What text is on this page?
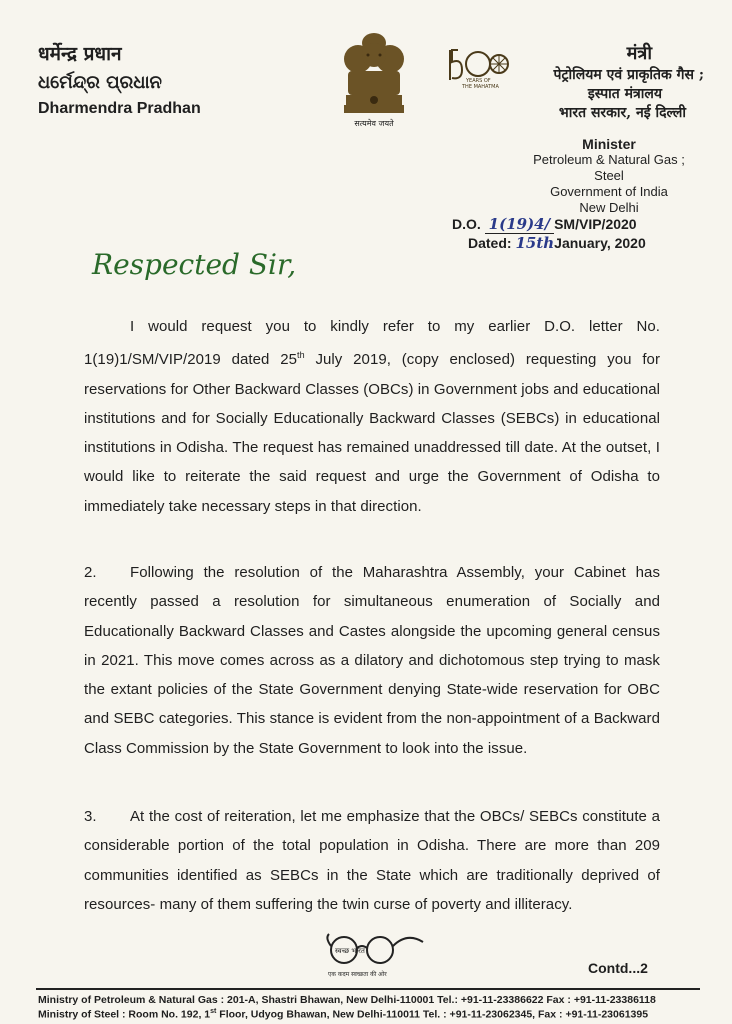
धर्मेन्द्र प्रधान
ଧର୍ମେନ୍ଦ୍ର ପ୍ରଧାନ
Dharmendra Pradhan
सत्यमेव जयते
YEARS OF
THE MAHATMA
मंत्री
पेट्रोलियम एवं प्राकृतिक गैस ;
इस्पात मंत्रालय
भारत सरकार, नई दिल्ली
Minister
Petroleum & Natural Gas ;
Steel
Government of India
New Delhi
D.O. 1(19)4/ SM/VIP/2020
Dated: 15thJanuary, 2020
Respected Sir,
I would request you to kindly refer to my earlier D.O. letter No. 1(19)1/SM/VIP/2019 dated 25th July 2019, (copy enclosed) requesting you for reservations for Other Backward Classes (OBCs) in Government jobs and educational institutions and for Socially Educationally Backward Classes (SEBCs) in educational institutions in Odisha. The request has remained unaddressed till date. At the outset, I would like to reiterate the said request and urge the Government of Odisha to immediately take necessary steps in that direction.
2. Following the resolution of the Maharashtra Assembly, your Cabinet has recently passed a resolution for simultaneous enumeration of Socially and Educationally Backward Classes and Castes alongside the upcoming general census in 2021. This move comes across as a dilatory and dichotomous step trying to mask the extant policies of the State Government denying State-wide reservation for OBC and SEBC categories. This stance is evident from the non-appointment of a Backward Class Commission by the State Government to look into the issue.
3. At the cost of reiteration, let me emphasize that the OBCs/ SEBCs constitute a considerable portion of the total population in Odisha. There are more than 209 communities identified as SEBCs in the State which are traditionally deprived of resources- many of them suffering the twin curse of poverty and illiteracy.
स्वच्छ भारत
एक कदम स्वच्छता की ओर	Contd...2
Ministry of Petroleum & Natural Gas : 201-A, Shastri Bhawan, New Delhi-110001 Tel.: +91-11-23386622 Fax : +91-11-23386118
Ministry of Steel : Room No. 192, 1st Floor, Udyog Bhawan, New Delhi-110011 Tel. : +91-11-23062345, Fax : +91-11-23061395
